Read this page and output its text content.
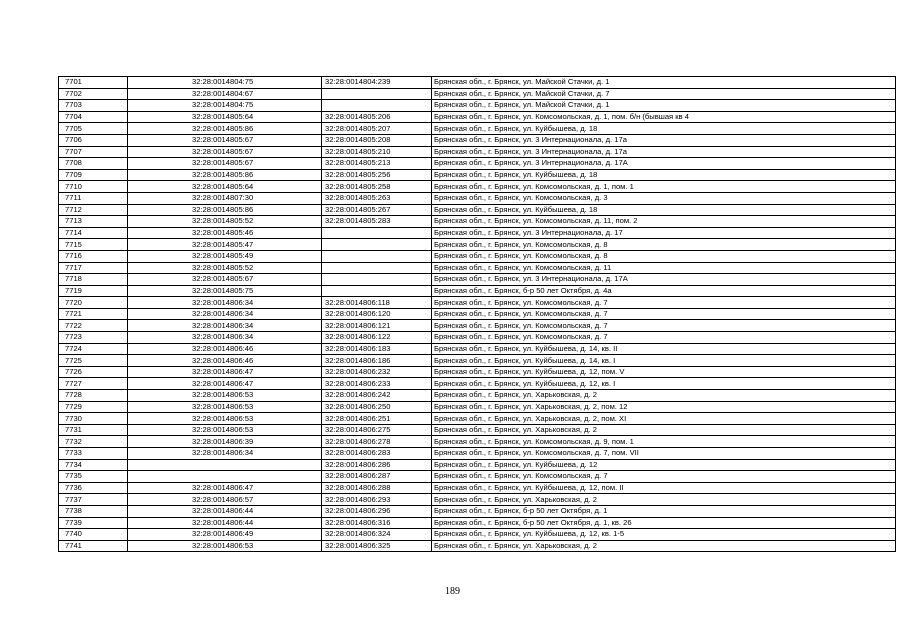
7701	32:28:0014804:75	32:28:0014804:239	Брянская обл., г. Брянск, ул. Майской Стачки, д. 1
7702	32:28:0014804:67		Брянская обл., г. Брянск, ул. Майской Стачки, д. 7
7703	32:28:0014804:75		Брянская обл., г. Брянск, ул. Майской Стачки, д. 1
7704	32:28:0014805:64	32:28:0014805:206	Брянская обл., г. Брянск, ул. Комсомольская, д. 1, пом. б/н (бывшая кв 4
7705	32:28:0014805:86	32:28:0014805:207	Брянская обл., г. Брянск, ул. Куйбышева, д. 18
7706	32:28:0014805:67	32:28:0014805:208	Брянская обл., г. Брянск, ул. 3 Интернационала, д. 17а
7707	32:28:0014805:67	32:28:0014805:210	Брянская обл., г. Брянск, ул. 3 Интернационала, д. 17а
7708	32:28:0014805:67	32:28:0014805:213	Брянская обл., г. Брянск, ул. 3 Интернационала, д. 17А
7709	32:28:0014805:86	32:28:0014805:256	Брянская обл., г. Брянск, ул. Куйбышева, д. 18
7710	32:28:0014805:64	32:28:0014805:258	Брянская обл., г. Брянск, ул. Комсомольская, д. 1, пом. 1
7711	32:28:0014807:30	32:28:0014805:263	Брянская обл., г. Брянск, ул. Комсомольская, д. 3
7712	32:28:0014805:86	32:28:0014805:267	Брянская обл., г. Брянск, ул. Куйбышева, д. 18
7713	32:28:0014805:52	32:28:0014805:283	Брянская обл., г. Брянск, ул. Комсомольская, д. 11, пом. 2
7714	32:28:0014805:46		Брянская обл., г. Брянск, ул. 3 Интернационала, д. 17
7715	32:28:0014805:47		Брянская обл., г. Брянск, ул. Комсомольская, д. 8
7716	32:28:0014805:49		Брянская обл., г. Брянск, ул. Комсомольская, д. 8
7717	32:28:0014805:52		Брянская обл., г. Брянск, ул. Комсомольская, д. 11
7718	32:28:0014805:67		Брянская обл., г. Брянск, ул. 3 Интернационала, д. 17А
7719	32:28:0014805:75		Брянская обл., г. Брянск, б-р 50 лет Октября, д. 4а
7720	32:28:0014806:34	32:28:0014806:118	Брянская обл., г. Брянск, ул. Комсомольская, д. 7
7721	32:28:0014806:34	32:28:0014806:120	Брянская обл., г. Брянск, ул. Комсомольская, д. 7
7722	32:28:0014806:34	32:28:0014806:121	Брянская обл., г. Брянск, ул. Комсомольская, д. 7
7723	32:28:0014806:34	32:28:0014806:122	Брянская обл., г. Брянск, ул. Комсомольская, д. 7
7724	32:28:0014806:46	32:28:0014806:183	Брянская обл., г. Брянск, ул. Куйбышева, д. 14, кв. II
7725	32:28:0014806:46	32:28:0014806:186	Брянская обл., г. Брянск, ул. Куйбышева, д. 14, кв. I
7726	32:28:0014806:47	32:28:0014806:232	Брянская обл., г. Брянск, ул. Куйбышева, д. 12, пом. V
7727	32:28:0014806:47	32:28:0014806:233	Брянская обл., г. Брянск, ул. Куйбышева, д. 12, кв. I
7728	32:28:0014806:53	32:28:0014806:242	Брянская обл., г. Брянск, ул. Харьковская, д. 2
7729	32:28:0014806:53	32:28:0014806:250	Брянская обл., г. Брянск, ул. Харьковская, д. 2, пом. 12
7730	32:28:0014806:53	32:28:0014806:251	Брянская обл., г. Брянск, ул. Харьковская, д. 2, пом. XI
7731	32:28:0014806:53	32:28:0014806:275	Брянская обл., г. Брянск, ул. Харьковская, д. 2
7732	32:28:0014806:39	32:28:0014806:278	Брянская обл., г. Брянск, ул. Комсомольская, д. 9, пом. 1
7733	32:28:0014806:34	32:28:0014806:283	Брянская обл., г. Брянск, ул. Комсомольская, д. 7, пом. VII
7734		32:28:0014806:286	Брянская обл., г. Брянск, ул. Куйбышева, д. 12
7735		32:28:0014806:287	Брянская обл., г. Брянск, ул. Комсомольская, д. 7
7736	32:28:0014806:47	32:28:0014806:288	Брянская обл., г. Брянск, ул. Куйбышева, д. 12, пом. II
7737	32:28:0014806:57	32:28:0014806:293	Брянская обл., г. Брянск, ул. Харьковская, д. 2
7738	32:28:0014806:44	32:28:0014806:296	Брянская обл., г. Брянск, б-р 50 лет Октября, д. 1
7739	32:28:0014806:44	32:28:0014806:316	Брянская обл., г. Брянск, б-р 50 лет Октября, д. 1, кв. 26
7740	32:28:0014806:49	32:28:0014806:324	Брянская обл., г. Брянск, ул. Куйбышева, д. 12, кв. 1-5
7741	32:28:0014806:53	32:28:0014806:325	Брянская обл., г. Брянск, ул. Харьковская, д. 2
189
